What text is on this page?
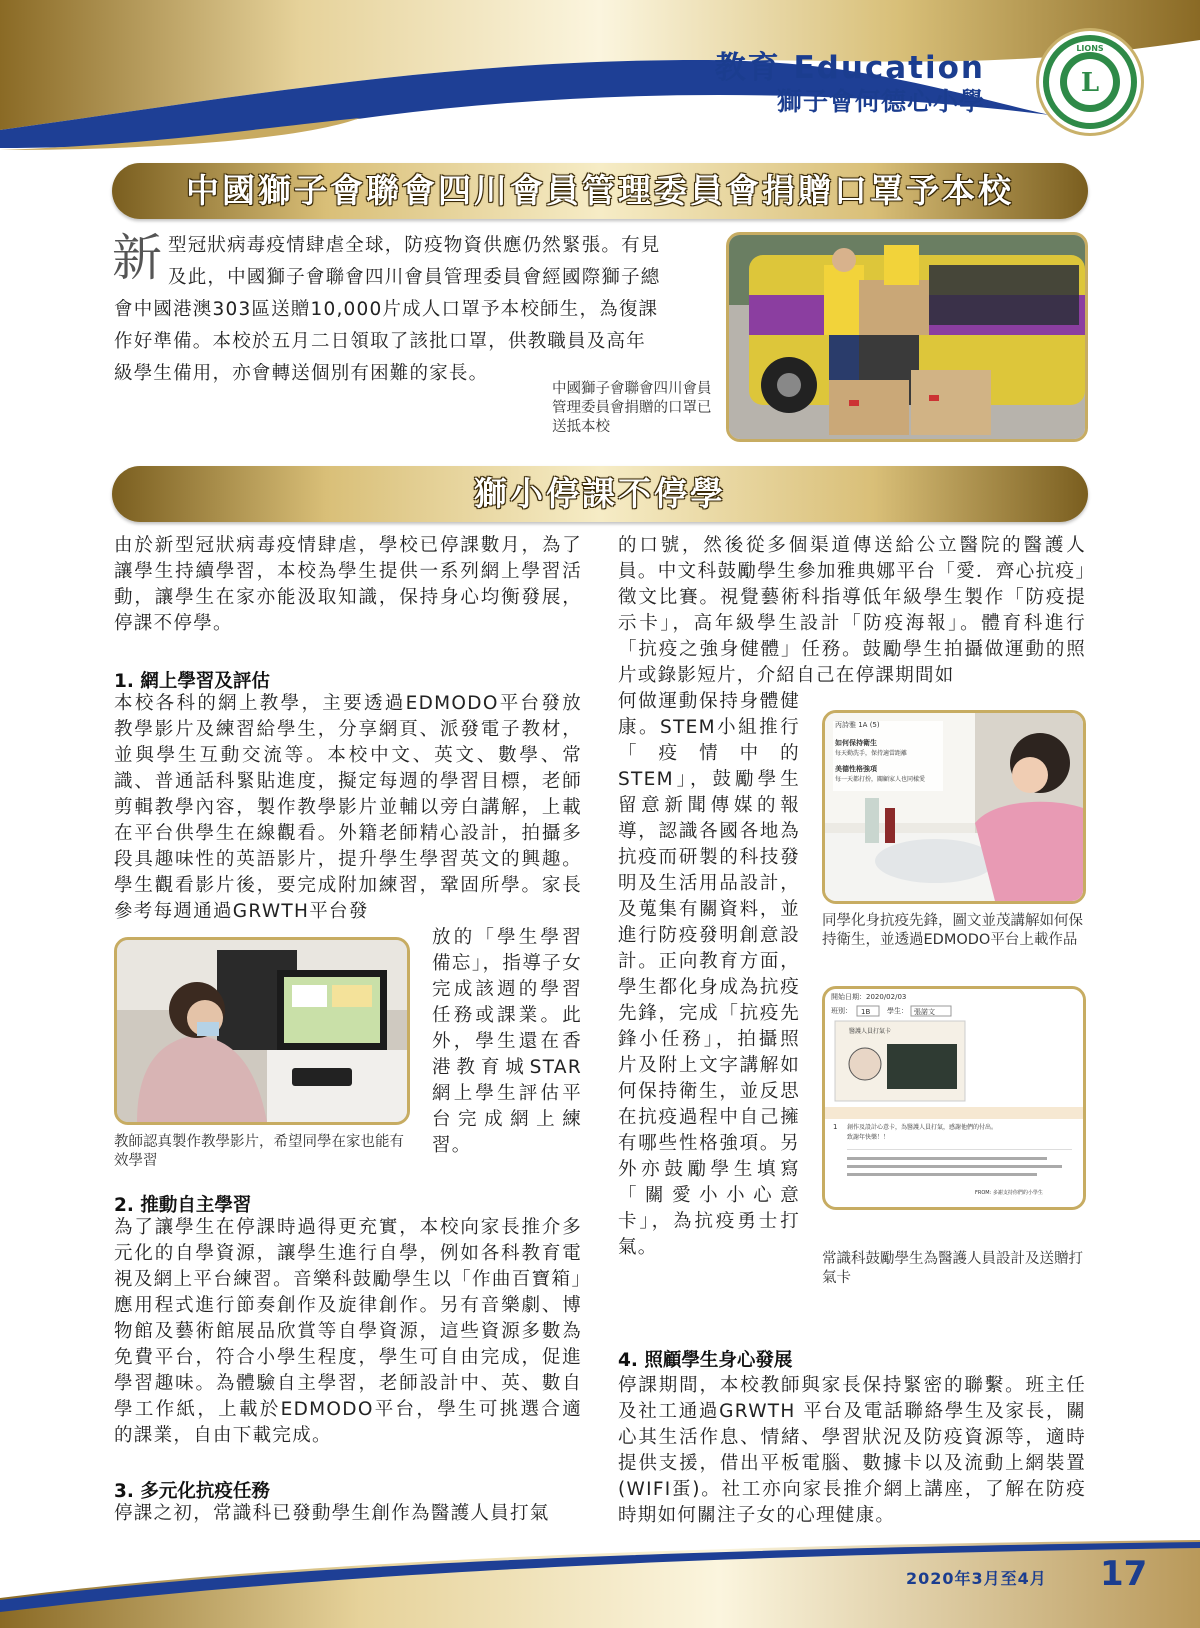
教育 Education
獅子會何德心小學
L
LIONS
中國獅子會聯會四川會員管理委員會捐贈口罩予本校
新 型冠狀病毒疫情肆虐全球，防疫物資供應仍然緊張。有見
及此，中國獅子會聯會四川會員管理委員會經國際獅子總
會中國港澳303區送贈10,000片成人口罩予本校師生，為復課
作好準備。本校於五月二日領取了該批口罩，供教職員及高年
級學生備用，亦會轉送個別有困難的家長。
中國獅子會聯會四川會員管理委員會捐贈的口罩已送抵本校
獅小停課不停學
由於新型冠狀病毒疫情肆虐，學校已停課數月，為了讓學生持續學習，本校為學生提供一系列網上學習活動，讓學生在家亦能汲取知識，保持身心均衡發展，停課不停學。
1. 網上學習及評估
本校各科的網上教學，主要透過EDMODO平台發放教學影片及練習給學生，分享網頁、派發電子教材，並與學生互動交流等。本校中文、英文、數學、常識、普通話科緊貼進度，擬定每週的學習目標，老師剪輯教學內容，製作教學影片並輔以旁白講解，上載在平台供學生在線觀看。外籍老師精心設計，拍攝多段具趣味性的英語影片，提升學生學習英文的興趣。學生觀看影片後，要完成附加練習，鞏固所學。家長參考每週通過GRWTH平台發
放的「學生學習備忘」，指導子女完成該週的學習任務或課業。此外，學生還在香港教育城STAR網上學生評估平台完成網上練習。
教師認真製作教學影片，希望同學在家也能有效學習
2. 推動自主學習
為了讓學生在停課時過得更充實，本校向家長推介多元化的自學資源，讓學生進行自學，例如各科教育電視及網上平台練習。音樂科鼓勵學生以「作曲百寶箱」應用程式進行節奏創作及旋律創作。另有音樂劇、博物館及藝術館展品欣賞等自學資源，這些資源多數為免費平台，符合小學生程度，學生可自由完成，促進學習趣味。為體驗自主學習，老師設計中、英、數自學工作紙，上載於EDMODO平台，學生可挑選合適的課業，自由下載完成。
3. 多元化抗疫任務
停課之初，常識科已發動學生創作為醫護人員打氣
的口號，然後從多個渠道傳送給公立醫院的醫護人員。中文科鼓勵學生參加雅典娜平台「愛．齊心抗疫」徵文比賽。視覺藝術科指導低年級學生製作「防疫提示卡」，高年級學生設計「防疫海報」。體育科進行「抗疫之強身健體」任務。鼓勵學生拍攝做運動的照片或錄影短片，介紹自己在停課期間如
何做運動保持身體健康。STEM小組推行「疫情中的STEM」，鼓勵學生留意新聞傳媒的報導，認識各國各地為抗疫而研製的科技發明及生活用品設計，及蒐集有關資料，並進行防疫發明創意設計。正向教育方面，學生都化身成為抗疫先鋒，完成「抗疫先鋒小任務」，拍攝照片及附上文字講解如何保持衛生，並反思在抗疫過程中自己擁有哪些性格強項。另外亦鼓勵學生填寫「關愛小小心意卡」，為抗疫勇士打氣。
丙詩雅 1A (5)
如何保持衛生
每天勤洗手，保持適當距離
美德性格強項
每一天都打扮，關顧家人也同樣愛
同學化身抗疫先鋒，圖文並茂講解如何保持衛生，並透過EDMODO平台上載作品
開始日期：2020/02/03
班別： 1B 學生： 張諾文
醫護人員打氣卡
1 創作及設計心意卡，為醫護人員打氣，感謝他們的付出。
致謝年快樂！！
FROM: 多謝支持你們的小學生
常識科鼓勵學生為醫護人員設計及送贈打氣卡
4. 照顧學生身心發展
停課期間，本校教師與家長保持緊密的聯繫。班主任及社工通過GRWTH 平台及電話聯絡學生及家長，關心其生活作息、情緒、學習狀況及防疫資源等，適時提供支援，借出平板電腦、數據卡以及流動上網裝置(WIFI蛋)。社工亦向家長推介網上講座，了解在防疫時期如何關注子女的心理健康。
2020年3月至4月 17
